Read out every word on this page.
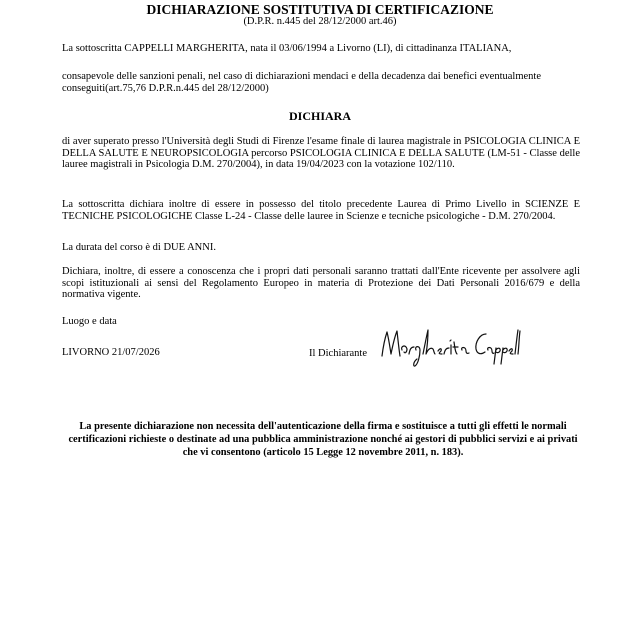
DICHIARAZIONE SOSTITUTIVA DI CERTIFICAZIONE
(D.P.R. n.445 del 28/12/2000 art.46)

La sottoscritta CAPPELLI MARGHERITA, nata il 03/06/1994 a Livorno (LI), di cittadinanza ITALIANA,

consapevole delle sanzioni penali, nel caso di dichiarazioni mendaci e della decadenza dai benefici eventualmente conseguiti(art.75,76 D.P.R.n.445 del 28/12/2000)

DICHIARA

di aver superato presso l'Università degli Studi di Firenze l'esame finale di laurea magistrale in PSICOLOGIA CLINICA E DELLA SALUTE E NEUROPSICOLOGIA percorso PSICOLOGIA CLINICA E DELLA SALUTE (LM-51 - Classe delle lauree magistrali in Psicologia D.M. 270/2004), in data 19/04/2023 con la votazione 102/110.

La sottoscritta dichiara inoltre di essere in possesso del titolo precedente Laurea di Primo Livello in SCIENZE E TECNICHE PSICOLOGICHE Classe L-24 - Classe delle lauree in Scienze e tecniche psicologiche - D.M. 270/2004.

La durata del corso è di DUE ANNI.

Dichiara, inoltre, di essere a conoscenza che i propri dati personali saranno trattati dall'Ente ricevente per assolvere agli scopi istituzionali ai sensi del Regolamento Europeo in materia di Protezione dei Dati Personali 2016/679 e della normativa vigente.

Luogo e data
LIVORNO 21/07/2026	Il Dichiarante

La presente dichiarazione non necessita dell'autenticazione della firma e sostituisce a tutti gli effetti le normali certificazioni richieste o destinate ad una pubblica amministrazione nonché ai gestori di pubblici servizi e ai privati che vi consentono (articolo 15 Legge 12 novembre 2011, n. 183).
